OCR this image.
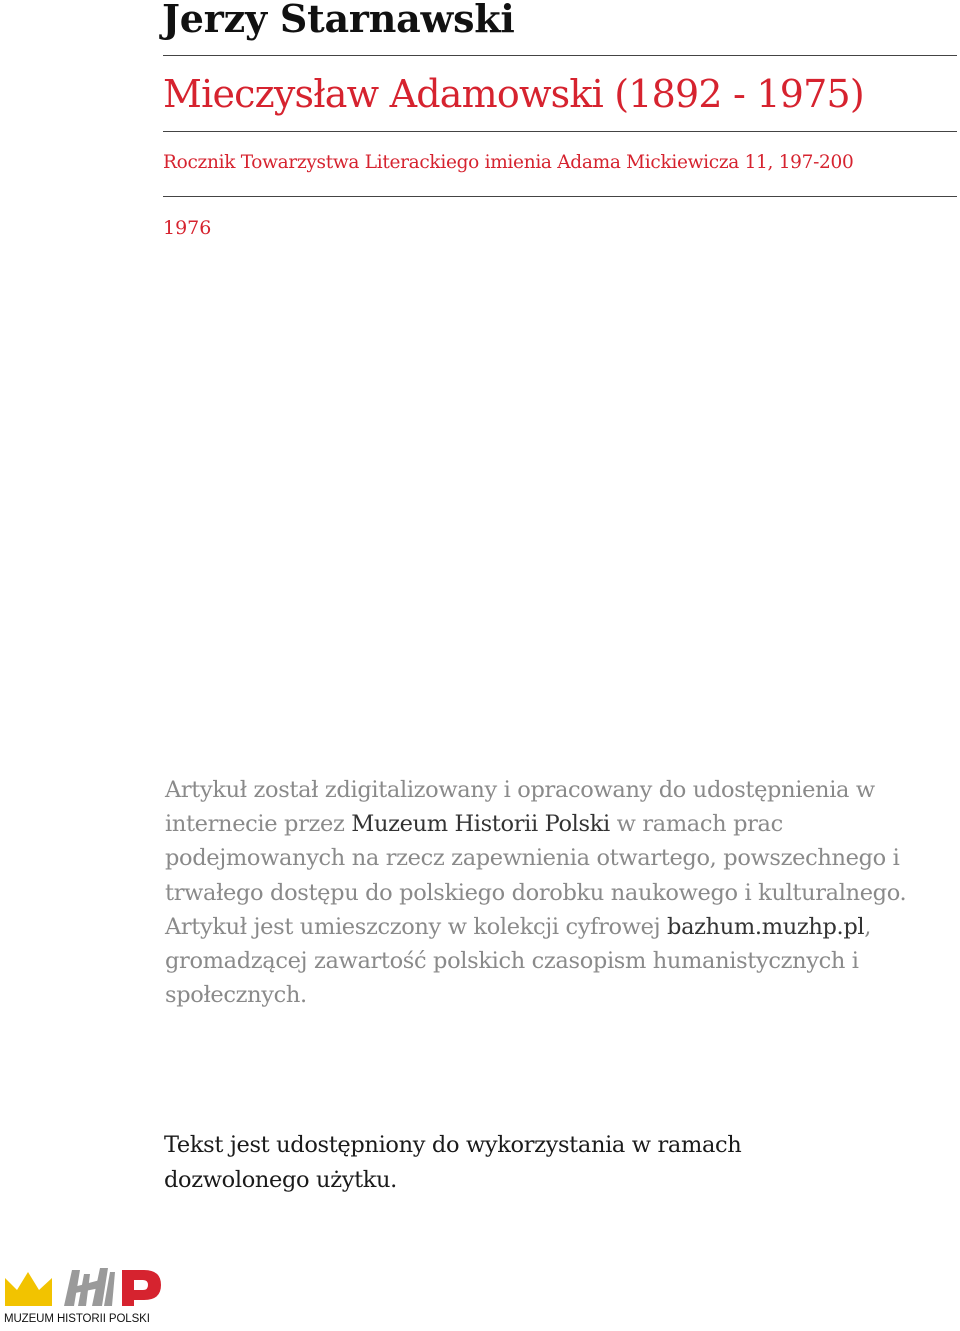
Jerzy Starnawski
Mieczysław Adamowski (1892 - 1975)
Rocznik Towarzystwa Literackiego imienia Adama Mickiewicza 11, 197-200
1976

Artykuł został zdigitalizowany i opracowany do udostępnienia w internecie przez Muzeum Historii Polski w ramach prac podejmowanych na rzecz zapewnienia otwartego, powszechnego i trwałego dostępu do polskiego dorobku naukowego i kulturalnego. Artykuł jest umieszczony w kolekcji cyfrowej bazhum.muzhp.pl, gromadzącej zawartość polskich czasopism humanistycznych i społecznych.

Tekst jest udostępniony do wykorzystania w ramach dozwolonego użytku.

MUZEUM HISTORII POLSKI
